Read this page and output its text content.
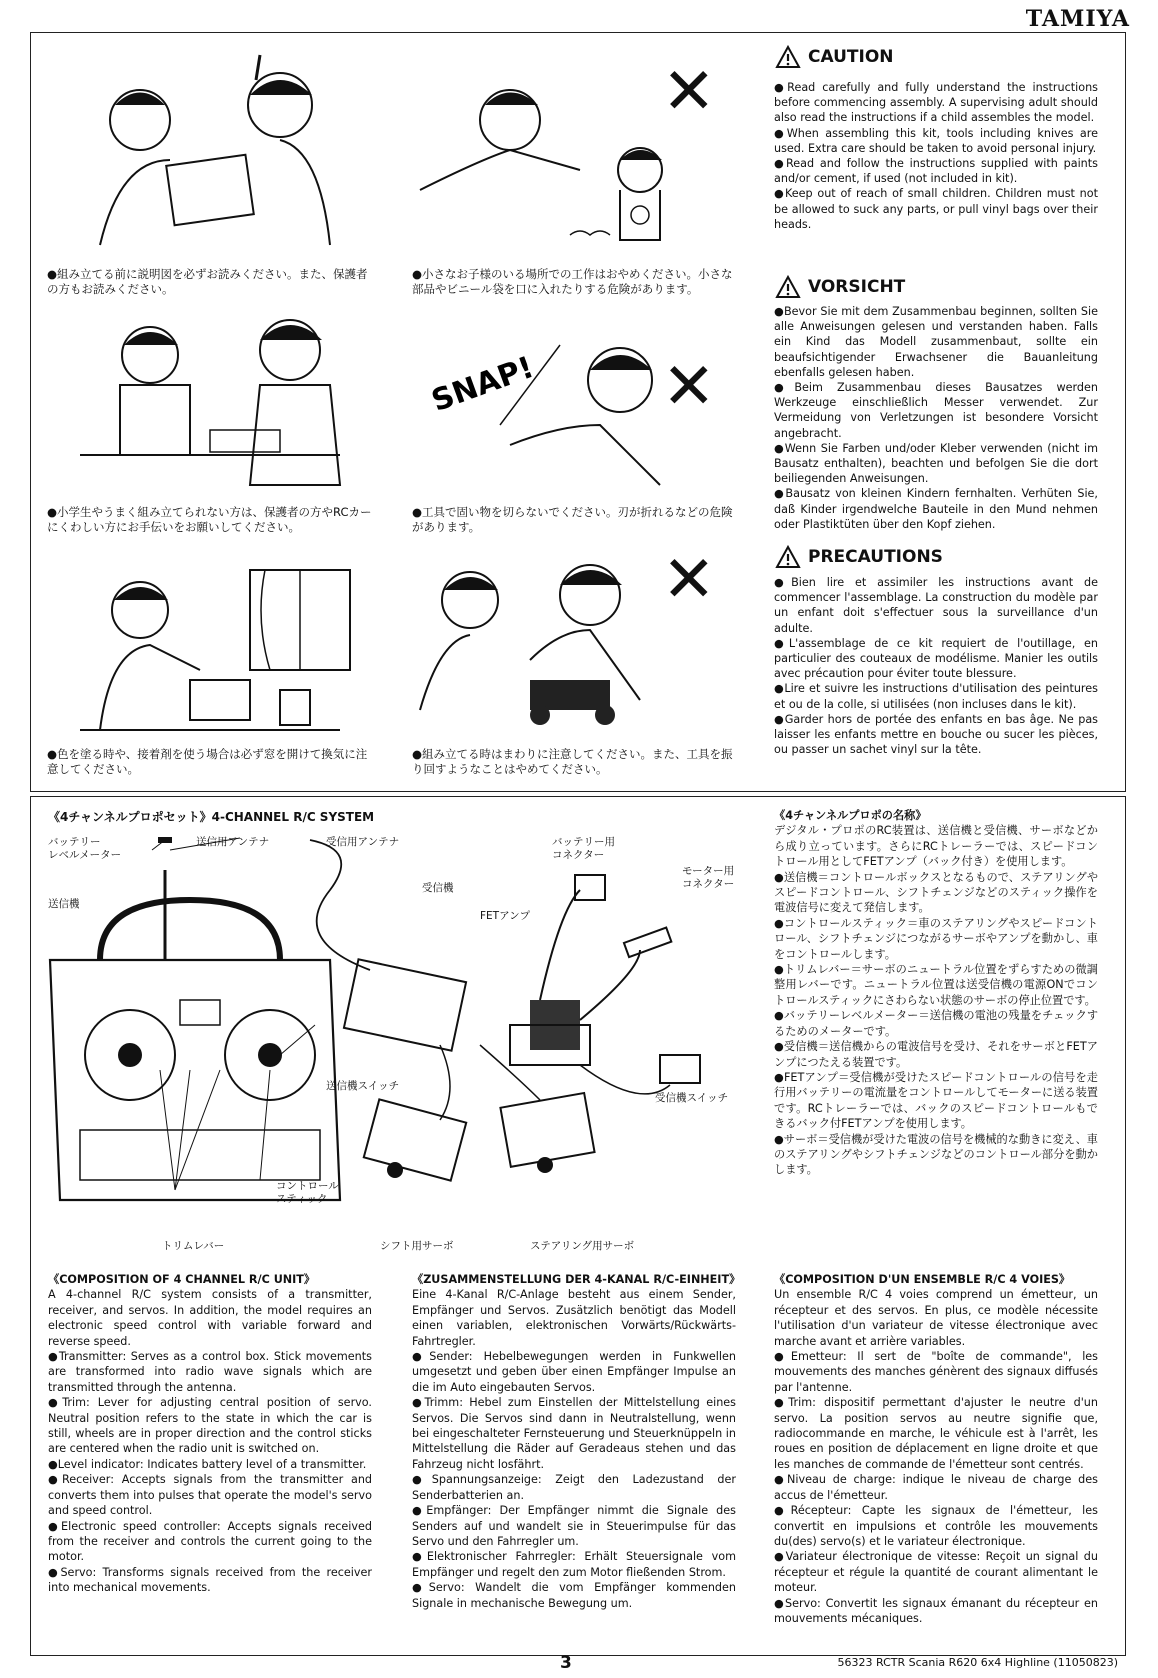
TAMIYA
✕
SNAP! ✕
✕
●組み立てる前に説明図を必ずお読みください。また、保護者の方もお読みください。
●小さなお子様のいる場所での工作はおやめください。小さな部品やビニール袋を口に入れたりする危険があります。
●小学生やうまく組み立てられない方は、保護者の方やRCカーにくわしい方にお手伝いをお願いしてください。
●工具で固い物を切らないでください。刃が折れるなどの危険があります。
●色を塗る時や、接着剤を使う場合は必ず窓を開けて換気に注意してください。
●組み立てる時はまわりに注意してください。また、工具を振り回すようなことはやめてください。
CAUTION

● Read carefully and fully understand the instructions before commencing assembly. A supervising adult should also read the instructions if a child assembles the model.

● When assembling this kit, tools including knives are used. Extra care should be taken to avoid personal injury.

● Read and follow the instructions supplied with paints and/or cement, if used (not included in kit).

● Keep out of reach of small children. Children must not be allowed to suck any parts, or pull vinyl bags over their heads.

VORSICHT

● Bevor Sie mit dem Zusammenbau beginnen, sollten Sie alle Anweisungen gelesen und verstanden haben. Falls ein Kind das Modell zusammenbaut, sollte ein beaufsichtigender Erwachsener die Bauanleitung ebenfalls gelesen haben.

● Beim Zusammenbau dieses Bausatzes werden Werkzeuge einschließlich Messer verwendet. Zur Vermeidung von Verletzungen ist besondere Vorsicht angebracht.

● Wenn Sie Farben und/oder Kleber verwenden (nicht im Bausatz enthalten), beachten und befolgen Sie die dort beiliegenden Anweisungen.

● Bausatz von kleinen Kindern fernhalten. Verhüten Sie, daß Kinder irgendwelche Bauteile in den Mund nehmen oder Plastiktüten über den Kopf ziehen.

PRECAUTIONS

● Bien lire et assimiler les instructions avant de commencer l'assemblage. La construction du modèle par un enfant doit s'effectuer sous la surveillance d'un adulte.

● L'assemblage de ce kit requiert de l'outillage, en particulier des couteaux de modélisme. Manier les outils avec précaution pour éviter toute blessure.

● Lire et suivre les instructions d'utilisation des peintures et ou de la colle, si utilisées (non incluses dans le kit).

● Garder hors de portée des enfants en bas âge. Ne pas laisser les enfants mettre en bouche ou sucer les pièces, ou passer un sachet vinyl sur la tête.

《4チャンネルプロポセット》4-CHANNEL R/C SYSTEM
バッテリー
レベルメーター
送信用アンテナ	受信用アンテナ
送信機
受信機
FETアンプ
バッテリー用
コネクター
モーター用
コネクター
送信機スイッチ
受信機スイッチ
コントロール
スティック
トリムレバー	シフト用サーボ	ステアリング用サーボ

《4チャンネルプロポの名称》

デジタル・プロポのRC装置は、送信機と受信機、サーボなどから成り立っています。さらにRCトレーラーでは、スピードコントロール用としてFETアンプ（バック付き）を使用します。

● 送信機＝コントロールボックスとなるもので、ステアリングやスピードコントロール、シフトチェンジなどのスティック操作を電波信号に変えて発信します。

● コントロールスティック＝車のステアリングやスピードコントロール、シフトチェンジにつながるサーボやアンプを動かし、車をコントロールします。

● トリムレバー＝サーボのニュートラル位置をずらすための微調整用レバーです。ニュートラル位置は送受信機の電源ONでコントロールスティックにさわらない状態のサーボの停止位置です。

● バッテリーレベルメーター＝送信機の電池の残量をチェックするためのメーターです。

● 受信機＝送信機からの電波信号を受け、それをサーボとFETアンプにつたえる装置です。

● FETアンプ＝受信機が受けたスピードコントロールの信号を走行用バッテリーの電流量をコントロールしてモーターに送る装置です。RCトレーラーでは、バックのスピードコントロールもできるバック付FETアンプを使用します。

● サーボ＝受信機が受けた電波の信号を機械的な動きに変え、車のステアリングやシフトチェンジなどのコントロール部分を動かします。

《COMPOSITION OF 4 CHANNEL R/C UNIT》

A 4-channel R/C system consists of a transmitter, receiver, and servos. In addition, the model requires an electronic speed control with variable forward and reverse speed.

● Transmitter: Serves as a control box. Stick movements are transformed into radio wave signals which are transmitted through the antenna.

● Trim: Lever for adjusting central position of servo. Neutral position refers to the state in which the car is still, wheels are in proper direction and the control sticks are centered when the radio unit is switched on.

● Level indicator: Indicates battery level of a transmitter.

● Receiver: Accepts signals from the transmitter and converts them into pulses that operate the model's servo and speed control.

● Electronic speed controller: Accepts signals received from the receiver and controls the current going to the motor.

● Servo: Transforms signals received from the receiver into mechanical movements.

《ZUSAMMENSTELLUNG DER 4-KANAL R/C-EINHEIT》

Eine 4-Kanal R/C-Anlage besteht aus einem Sender, Empfänger und Servos. Zusätzlich benötigt das Modell einen variablen, elektronischen Vorwärts/Rückwärts-Fahrtregler.

● Sender: Hebelbewegungen werden in Funkwellen umgesetzt und geben über einen Empfänger Impulse an die im Auto eingebauten Servos.

● Trimm: Hebel zum Einstellen der Mittelstellung eines Servos. Die Servos sind dann in Neutralstellung, wenn bei eingeschalteter Fernsteuerung und Steuerknüppeln in Mittelstellung die Räder auf Geradeaus stehen und das Fahrzeug nicht losfährt.

● Spannungsanzeige: Zeigt den Ladezustand der Senderbatterien an.

● Empfänger: Der Empfänger nimmt die Signale des Senders auf und wandelt sie in Steuerimpulse für das Servo und den Fahrregler um.

● Elektronischer Fahrregler: Erhält Steuersignale vom Empfänger und regelt den zum Motor fließenden Strom.

● Servo: Wandelt die vom Empfänger kommenden Signale in mechanische Bewegung um.

《COMPOSITION D'UN ENSEMBLE R/C 4 VOIES》

Un ensemble R/C 4 voies comprend un émetteur, un récepteur et des servos. En plus, ce modèle nécessite l'utilisation d'un variateur de vitesse électronique avec marche avant et arrière variables.

● Emetteur: Il sert de "boîte de commande", les mouvements des manches génèrent des signaux diffusés par l'antenne.

● Trim: dispositif permettant d'ajuster le neutre d'un servo. La position servos au neutre signifie que, radiocommande en marche, le véhicule est à l'arrêt, les roues en position de déplacement en ligne droite et que les manches de commande de l'émetteur sont centrés.

● Niveau de charge: indique le niveau de charge des accus de l'émetteur.

● Récepteur: Capte les signaux de l'émetteur, les convertit en impulsions et contrôle les mouvements du(des) servo(s) et le variateur électronique.

● Variateur électronique de vitesse: Reçoit un signal du récepteur et régule la quantité de courant alimentant le moteur.

● Servo: Convertit les signaux émanant du récepteur en mouvements mécaniques.

3	56323 RCTR Scania R620 6x4 Highline (11050823)
